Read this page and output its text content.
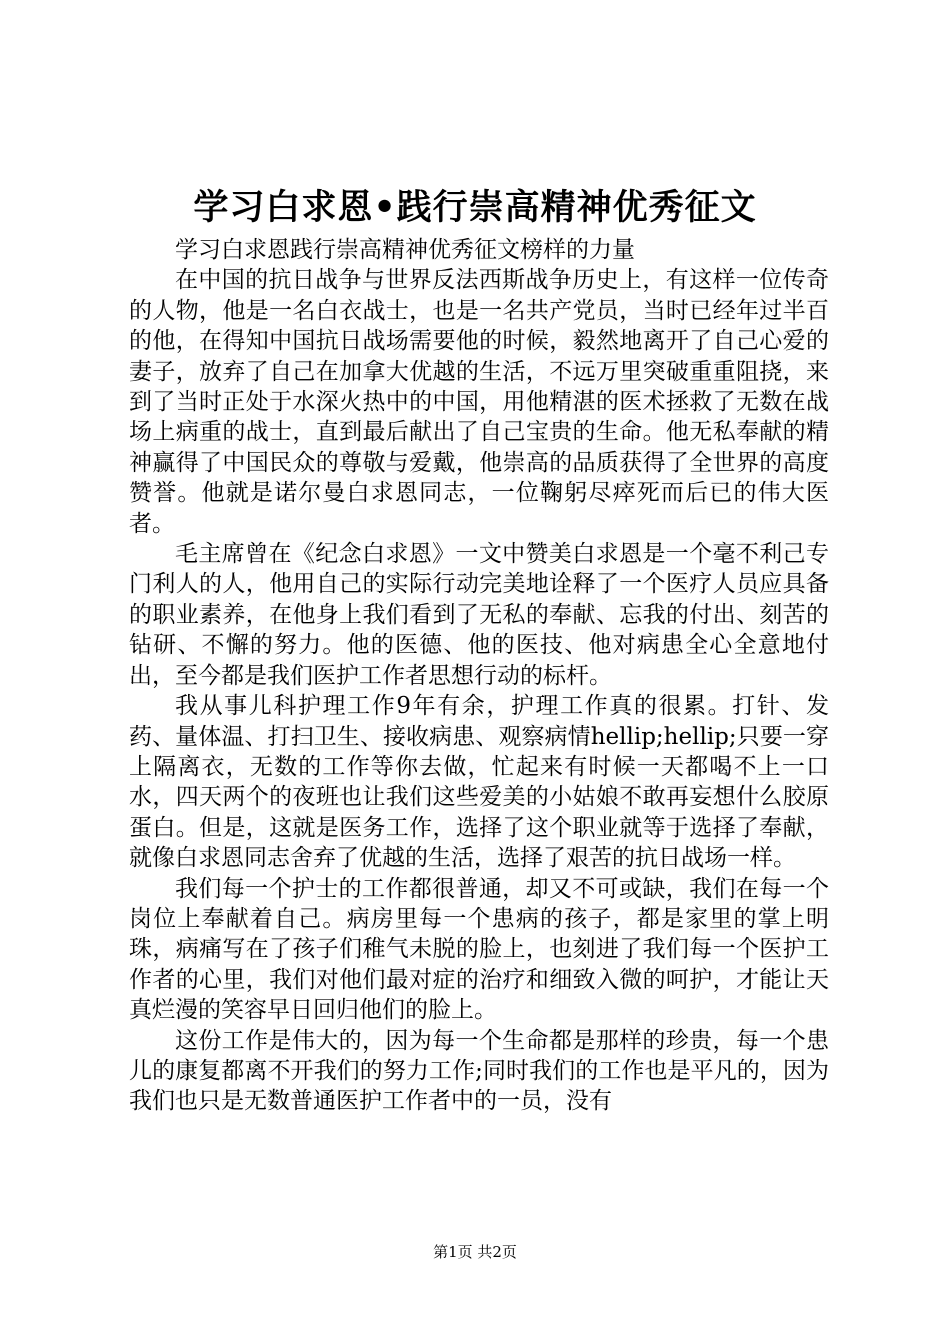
学习白求恩•践行崇高精神优秀征文

学习白求恩践行崇高精神优秀征文榜样的力量

在中国的抗日战争与世界反法西斯战争历史上，有这样一位传奇的人物，他是一名白衣战士，也是一名共产党员，当时已经年过半百的他，在得知中国抗日战场需要他的时候，毅然地离开了自己心爱的妻子，放弃了自己在加拿大优越的生活，不远万里突破重重阻挠，来到了当时正处于水深火热中的中国，用他精湛的医术拯救了无数在战场上病重的战士，直到最后献出了自己宝贵的生命。他无私奉献的精神赢得了中国民众的尊敬与爱戴，他崇高的品质获得了全世界的高度赞誉。他就是诺尔曼白求恩同志，一位鞠躬尽瘁死而后已的伟大医者。

毛主席曾在《纪念白求恩》一文中赞美白求恩是一个毫不利己专门利人的人，他用自己的实际行动完美地诠释了一个医疗人员应具备的职业素养，在他身上我们看到了无私的奉献、忘我的付出、刻苦的钻研、不懈的努力。他的医德、他的医技、他对病患全心全意地付出，至今都是我们医护工作者思想行动的标杆。

我从事儿科护理工作9年有余，护理工作真的很累。打针、发药、量体温、打扫卫生、接收病患、观察病情hellip;hellip;只要一穿上隔离衣，无数的工作等你去做，忙起来有时候一天都喝不上一口水，四天两个的夜班也让我们这些爱美的小姑娘不敢再妄想什么胶原蛋白。但是，这就是医务工作，选择了这个职业就等于选择了奉献，就像白求恩同志舍弃了优越的生活，选择了艰苦的抗日战场一样。

我们每一个护士的工作都很普通，却又不可或缺，我们在每一个岗位上奉献着自己。病房里每一个患病的孩子，都是家里的掌上明珠，病痛写在了孩子们稚气未脱的脸上，也刻进了我们每一个医护工作者的心里，我们对他们最对症的治疗和细致入微的呵护，才能让天真烂漫的笑容早日回归他们的脸上。

这份工作是伟大的，因为每一个生命都是那样的珍贵，每一个患儿的康复都离不开我们的努力工作;同时我们的工作也是平凡的，因为我们也只是无数普通医护工作者中的一员，没有

第1页 共2页
